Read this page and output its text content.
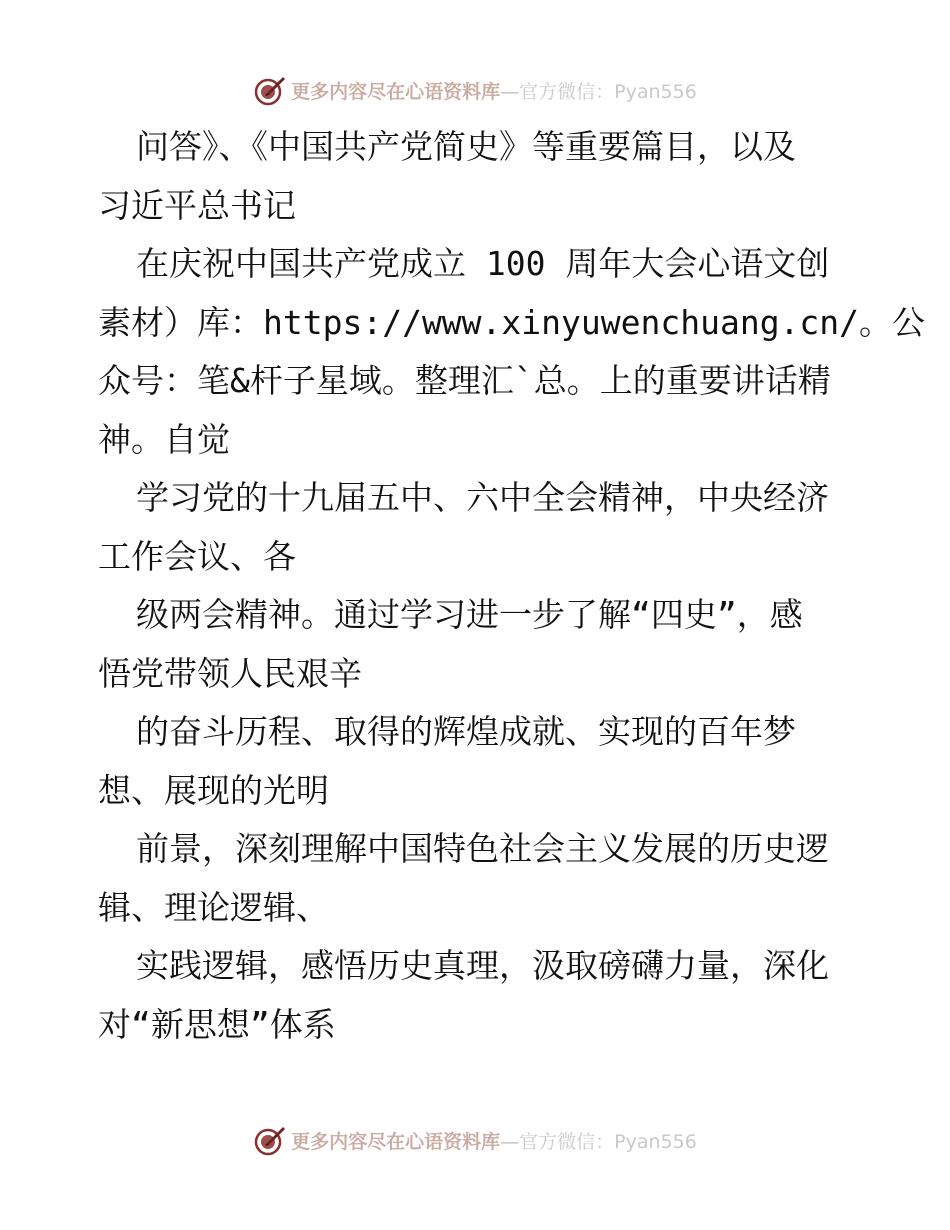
更多内容尽在心语资料库—官方微信：Pyan556
问答》、《中国共产党简史》等重要篇目，以及
习近平总书记
在庆祝中国共产党成立 100 周年大会心语文创
素材）库：https://www.xinyuwenchuang.cn/。公
众号：笔&杆子星域。整理汇`总。上的重要讲话精
神。自觉
学习党的十九届五中、六中全会精神，中央经济
工作会议、各
级两会精神。通过学习进一步了解“四史”，感
悟党带领人民艰辛
的奋斗历程、取得的辉煌成就、实现的百年梦
想、展现的光明
前景，深刻理解中国特色社会主义发展的历史逻
辑、理论逻辑、
实践逻辑，感悟历史真理，汲取磅礴力量，深化
对“新思想”体系
更多内容尽在心语资料库—官方微信：Pyan556
